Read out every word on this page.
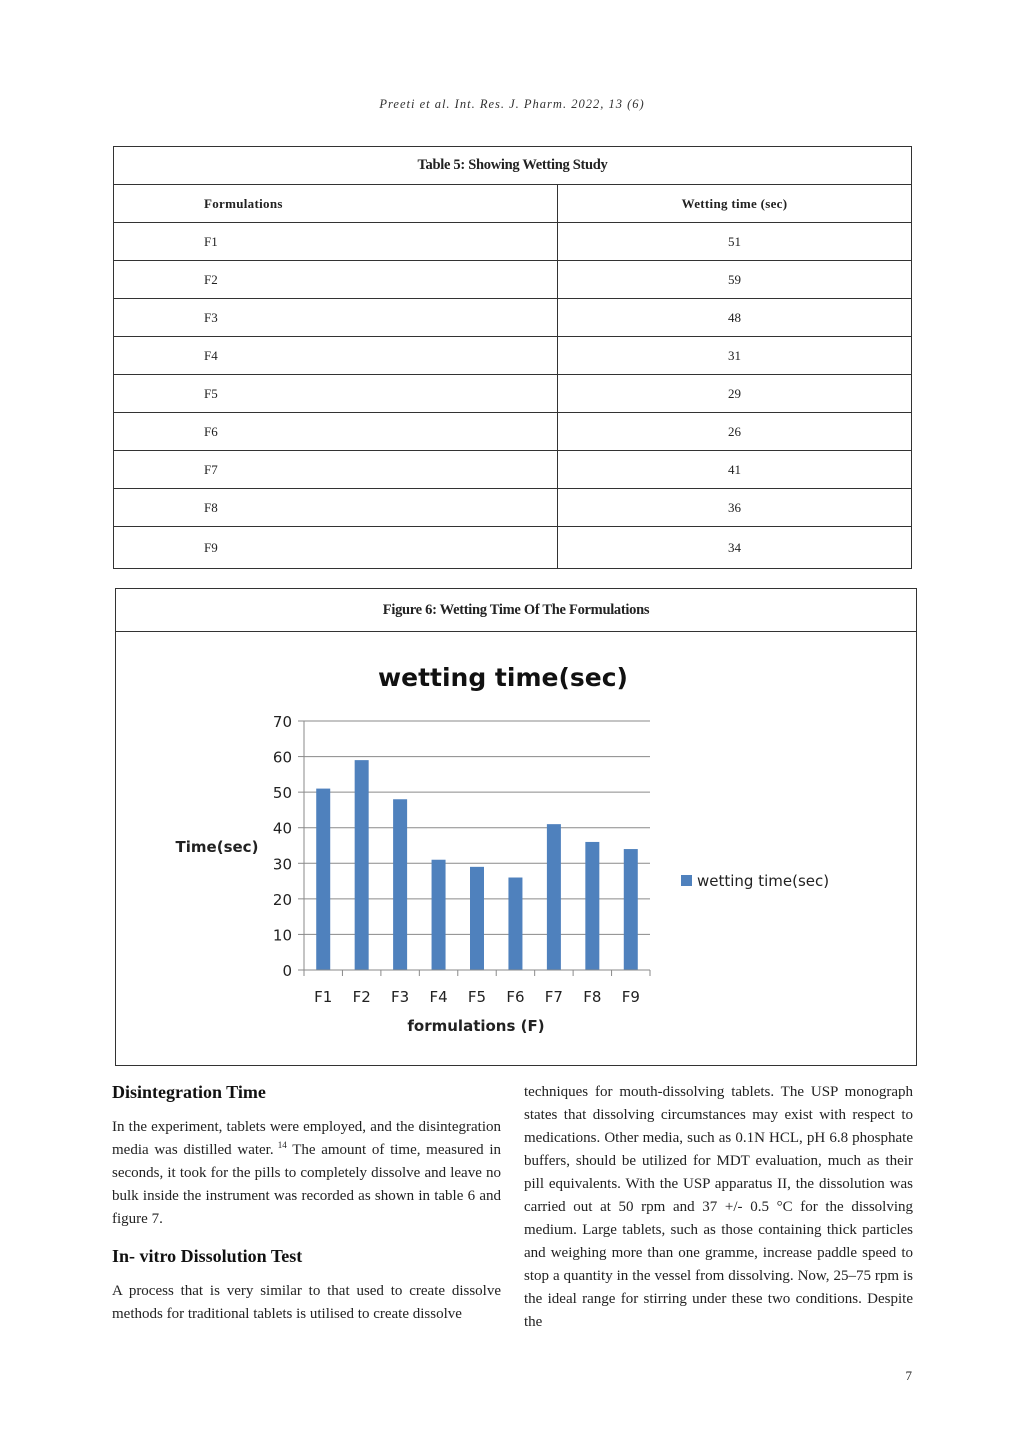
Preeti et al. Int. Res. J. Pharm. 2022, 13 (6)
Table 5: Showing Wetting Study
Formulations	Wetting time (sec)
F1	51
F2	59
F3	48
F4	31
F5	29
F6	26
F7	41
F8	36
F9	34
Figure 6: Wetting Time Of The Formulations
wetting time(sec)
0
10
20
30
40
50
60
70
F1 F2 F3 F4 F5 F6 F7 F8 F9
formulations (F)
Time(sec)
wetting time(sec)
Disintegration Time

In the experiment, tablets were employed, and the disintegration media was distilled water. $^{14}$ The amount of time, measured in seconds, it took for the pills to completely dissolve and leave no bulk inside the instrument was recorded as shown in table 6 and figure 7.

In- vitro Dissolution Test

A process that is very similar to that used to create dissolve methods for traditional tablets is utilised to create dissolve

techniques for mouth-dissolving tablets. The USP monograph states that dissolving circumstances may exist with respect to medications. Other media, such as 0.1N HCL, pH 6.8 phosphate buffers, should be utilized for MDT evaluation, much as their pill equivalents. With the USP apparatus II, the dissolution was carried out at 50 rpm and 37 +/- 0.5 °C for the dissolving medium. Large tablets, such as those containing thick particles and weighing more than one gramme, increase paddle speed to stop a quantity in the vessel from dissolving. Now, 25–75 rpm is the ideal range for stirring under these two conditions. Despite the

7
